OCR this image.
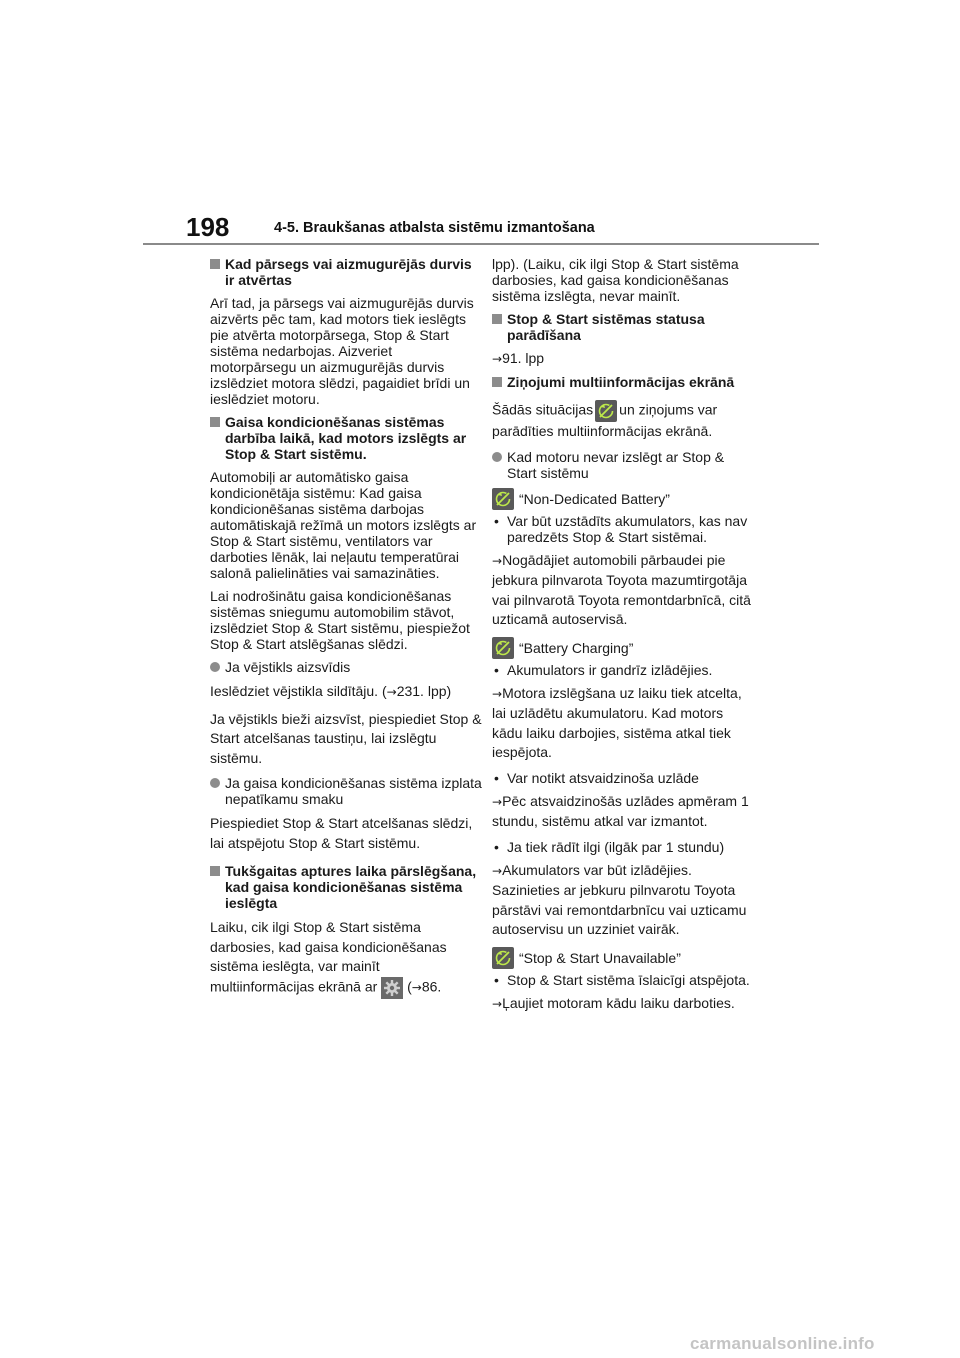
198	4-5. Braukšanas atbalsta sistēmu izmantošana
Kad pārsegs vai aizmugurējās durvis ir atvērtas

Arī tad, ja pārsegs vai aizmugurējās durvis aizvērts pēc tam, kad motors tiek ieslēgts pie atvērta motorpārsega, Stop & Start sistēma nedarbojas. Aizveriet motorpārsegu un aizmugurējās durvis izslēdziet motora slēdzi, pagaidiet brīdi un ieslēdziet motoru.

Gaisa kondicionēšanas sistēmas darbība laikā, kad motors izslēgts ar Stop & Start sistēmu.

Automobiļi ar automātisko gaisa kondicionētāja sistēmu: Kad gaisa kondicionēšanas sistēma darbojas automātiskajā režīmā un motors izslēgts ar Stop & Start sistēmu, ventilators var darboties lēnāk, lai neļautu temperatūrai salonā palielināties vai samazināties.

Lai nodrošinātu gaisa kondicionēšanas sistēmas sniegumu automobilim stāvot, izslēdziet Stop & Start sistēmu, piespiežot Stop & Start atslēgšanas slēdzi.

Ja vējstikls aizsvīdis

Ieslēdziet vējstikla sildītāju. (→231. lpp)

Ja vējstikls bieži aizsvīst, piespiediet Stop & Start atcelšanas taustiņu, lai izslēgtu sistēmu.

Ja gaisa kondicionēšanas sistēma izplata nepatīkamu smaku

Piespiediet Stop & Start atcelšanas slēdzi, lai atspējotu Stop & Start sistēmu.

Tukšgaitas aptures laika pārslēgšana, kad gaisa kondicionēšanas sistēma ieslēgta

Laiku, cik ilgi Stop & Start sistēma darbosies, kad gaisa kondicionēšanas sistēma ieslēgta, var mainīt multiinformācijas ekrānā ar (→86.

lpp). (Laiku, cik ilgi Stop & Start sistēma darbosies, kad gaisa kondicionēšanas sistēma izslēgta, nevar mainīt.

Stop & Start sistēmas statusa parādīšana

→91. lpp

Ziņojumi multiinformācijas ekrānā

Šādās situācijas un ziņojums var parādīties multiinformācijas ekrānā.

Kad motoru nevar izslēgt ar Stop & Start sistēmu
“Non-Dedicated Battery”
• Var būt uzstādīts akumulators, kas nav paredzēts Stop & Start sistēmai.

→Nogādājiet automobili pārbaudei pie jebkura pilnvarota Toyota mazumtirgotāja vai pilnvarotā Toyota remontdarbnīcā, citā uzticamā autoservisā.

“Battery Charging”
• Akumulators ir gandrīz izlādējies.

→Motora izslēgšana uz laiku tiek atcelta, lai uzlādētu akumulatoru. Kad motors kādu laiku darbojies, sistēma atkal tiek iespējota.

• Var notikt atsvaidzinoša uzlāde

→Pēc atsvaidzinošās uzlādes apmēram 1 stundu, sistēmu atkal var izmantot.

• Ja tiek rādīt ilgi (ilgāk par 1 stundu)

→Akumulators var būt izlādējies. Sazinieties ar jebkuru pilnvarotu Toyota pārstāvi vai remontdarbnīcu vai uzticamu autoservisu un uzziniet vairāk.

“Stop & Start Unavailable”
• Stop & Start sistēma īslaicīgi atspējota.

→Ļaujiet motoram kādu laiku darboties.

carmanualsonline.info
